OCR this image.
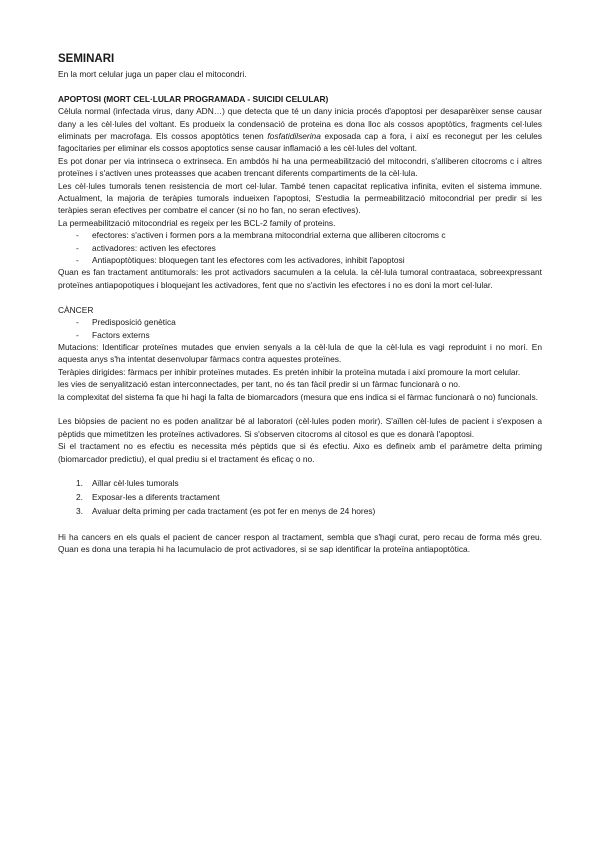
SEMINARI

En la mort celular juga un paper clau el mitocondri.

APOPTOSI (MORT CEL·LULAR PROGRAMADA - SUICIDI CELULAR)

Cèlula normal (infectada virus, dany ADN…) que detecta que té un dany inicia procés d'apoptosi per desaparèixer sense causar dany a les cèl·lules del voltant. Es produeix la condensació de proteina es dona lloc als cossos apoptòtics, fragments cel·lules eliminats per macrofaga. Els cossos apoptòtics tenen fosfatidilserina exposada cap a fora, i així es reconegut per les celules fagocitaries per eliminar els cossos apoptotics sense causar inflamació a les cèl·lules del voltant.

Es pot donar per via intrinseca o extrinseca. En ambdós hi ha una permeabilització del mitocondri, s'alliberen citocroms c i altres proteïnes i s'activen unes proteasses que acaben trencant diferents compartiments de la cèl·lula.

Les cèl·lules tumorals tenen resistencia de mort cel·lular. També tenen capacitat replicativa infinita, eviten el sistema immune. Actualment, la majoria de teràpies tumorals indueixen l'apoptosi, S'estudia la permeabilització mitocondrial per predir si les teràpies seran efectives per combatre el cancer (si no ho fan, no seran efectives).

La permeabilització mitocondrial es regeix per les BCL-2 family of proteins.

- efectores: s'activen i formen pors a la membrana mitocondrial externa que alliberen citocroms c
- activadores: activen les efectores
- Antiapoptòtiques: bloquegen tant les efectores com les activadores, inhibit l'apoptosi

Quan es fan tractament antitumorals: les prot activadors sacumulen a la celula. la cèl·lula tumoral contraataca, sobreexpressant proteïnes antiapopotiques i bloquejant les activadores, fent que no s'activin les efectores i no es doni la mort cel·lular.

CÀNCER

- Predisposició genètica
- Factors externs

Mutacions: Identificar proteïnes mutades que envien senyals a la cèl·lula de que la cèl·lula es vagi reproduint i no morí. En aquesta anys s'ha intentat desenvolupar fàrmacs contra aquestes proteïnes.

Teràpies dirigides: fàrmacs per inhibir proteïnes mutades. Es pretén inhibir la proteïna mutada i així promoure la mort celular.

les vies de senyalització estan interconnectades, per tant, no és tan fàcil predir si un fàrmac funcionarà o no.

la complexitat del sistema fa que hi hagi la falta de biomarcadors (mesura que ens indica si el fàrmac funcionarà o no) funcionals.

Les biòpsies de pacient no es poden analitzar bé al laboratori (cèl·lules poden morir). S'aïllen cèl·lules de pacient i s'exposen a pèptids que mimetitzen les proteïnes activadores. Si s'observen citocroms al citosol es que es donarà l'apoptosi.

Si el tractament no es efectiu es necessita més pèptids que si és efectiu. Aixo es defineix amb el paràmetre delta priming (biomarcador predictiu), el qual prediu si el tractament és eficaç o no.

1. Aïllar cèl·lules tumorals
2. Exposar-les a diferents tractament
3. Avaluar delta priming per cada tractament (es pot fer en menys de 24 hores)

Hi ha cancers en els quals el pacient de cancer respon al tractament, sembla que s'hagi curat, pero recau de forma més greu. Quan es dona una terapia hi ha lacumulacio de prot activadores, si se sap identificar la proteïna antiapoptòtica.
